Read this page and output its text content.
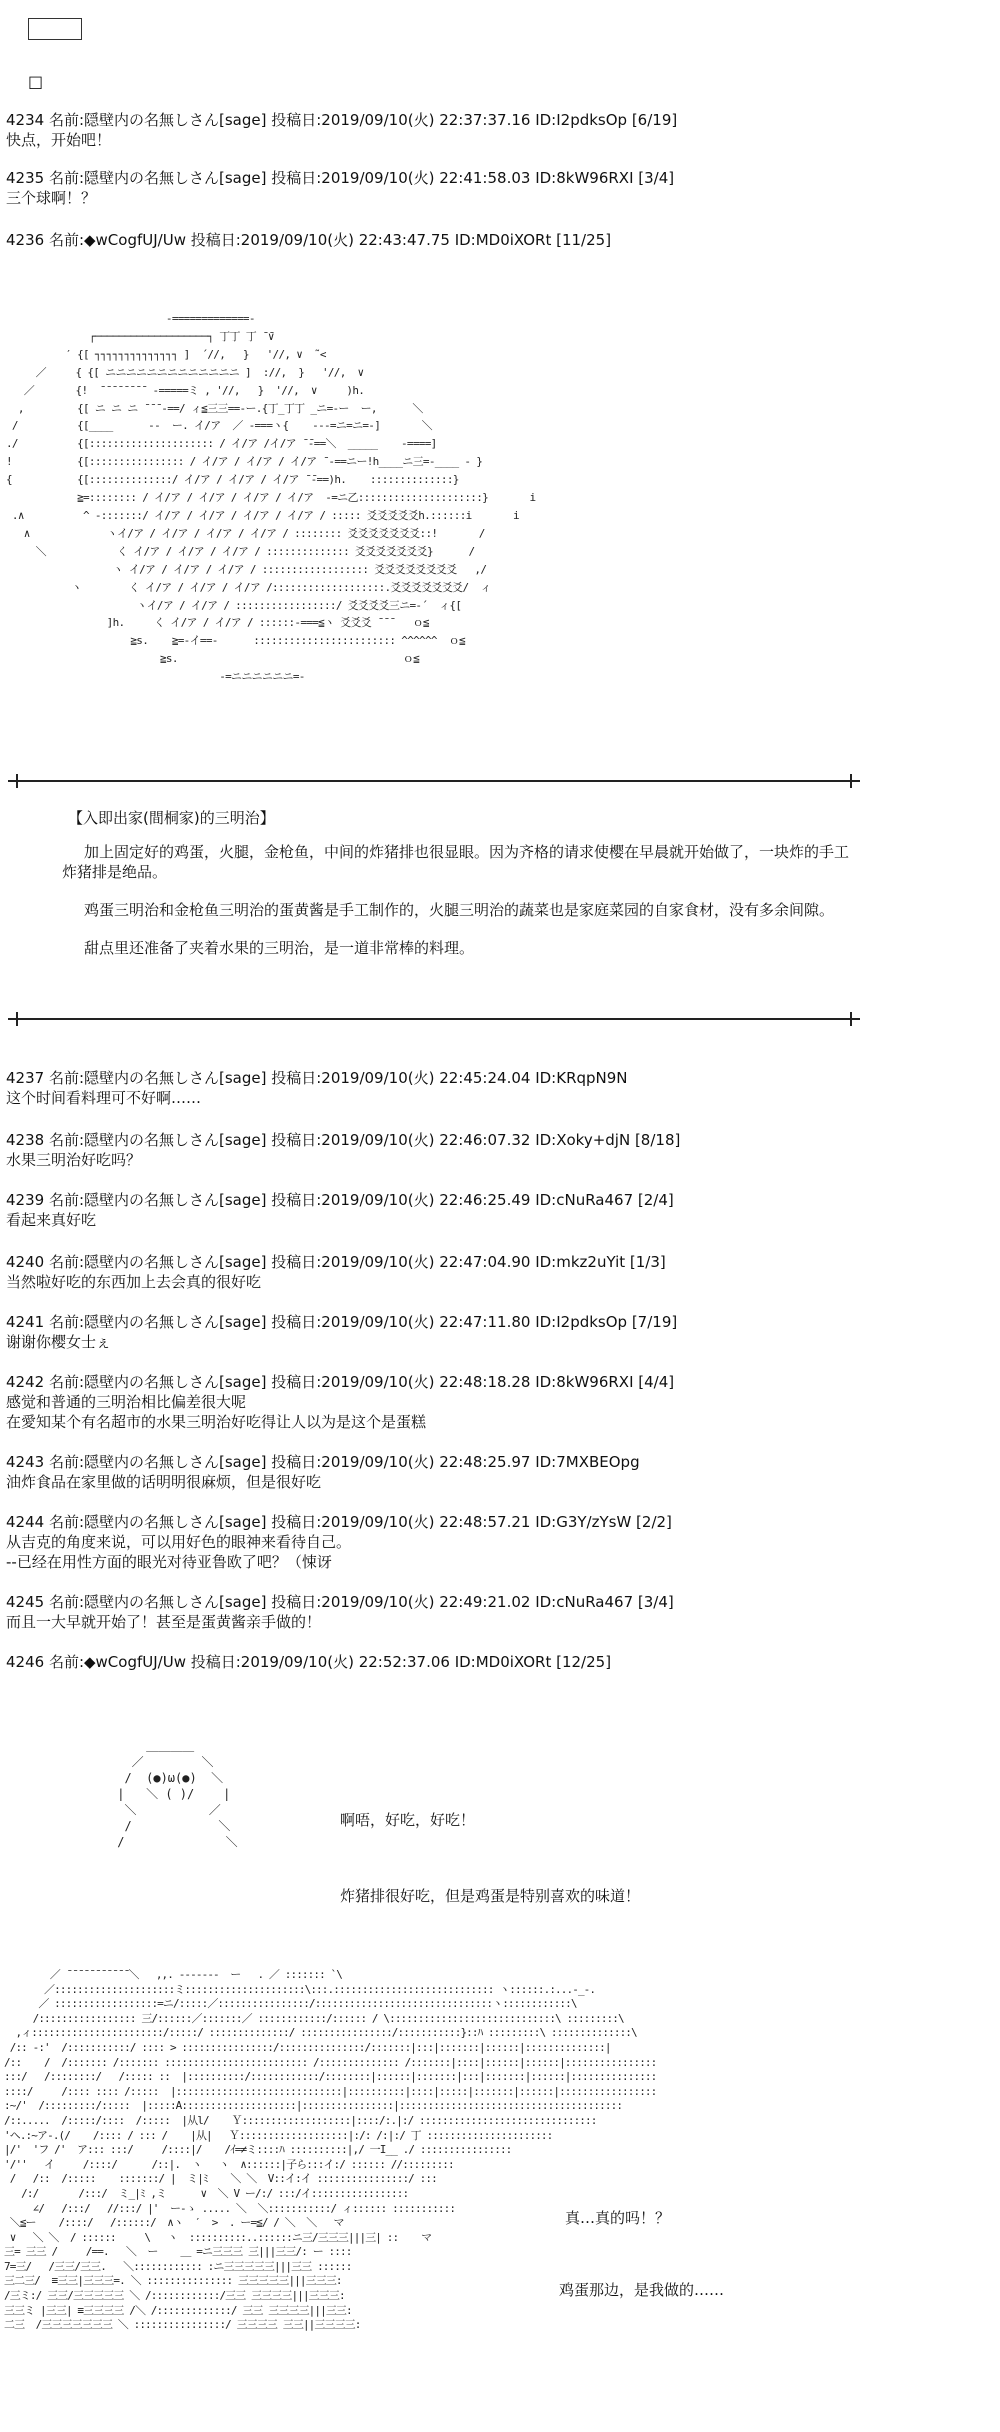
□
4234 名前:隠壁内の名無しさん[sage] 投稿日:2019/09/10(火) 22:37:37.16 ID:I2pdksOp [6/19]
快点，开始吧！
4235 名前:隠壁内の名無しさん[sage] 投稿日:2019/09/10(火) 22:41:58.03 ID:8kW96RXI [3/4]
三个球啊！？
4236 名前:◆wCogfUJ/Uw 投稿日:2019/09/10(火) 22:43:47.75 ID:MD0iXORt [11/25]
-=============-
┌───────────────────┐ 丁丁 丁 ̄ ̄∨
′ {[ ┐┐┐┐┐┐┐┐┐┐┐┐┐┐ ]  ´//,   }   '//, ∨  ˜<
／     { {[ ニニニニニニニニニニニニニ ]  ://,  }   '//,  ∨
／       {!  ̄ ̄ ̄ ̄ ̄ ̄ ̄ ̄  -=====ミ , '//,   }  '//,  ∨     )h.
,         {[ ニ ニ ニ ̄ ̄ ̄ -==/ ィ≦三三==-ー.{丁_丁丁 _ニ=-ー  ー,      ＼
/          {[____      --  ー. イ/ア  ／ -===ヽ{    ---=ニ=ニ=-]       ＼
./          {[::::::::::::::::::::: / イ/ア /イ/ア ̄ ̄-==＼  _____    -====]
!           {[:::::::::::::::: / イ/ア / イ/ア / イ/ア ̄ -==ニー!h____ニ三=-____ - }
{           {[::::::::::::::/ イ/ア / イ/ア / イ/ア ̄ ̄-==)h.    ::::::::::::::}
≧=:::::::: / イ/ア / イ/ア / イ/ア / イ/ア  -=ニ乙:::::::::::::::::::::}       i
.∧          ^ -:::::::/ イ/ア / イ/ア / イ/ア / イ/ア / ::::: 爻爻爻爻爻h.::::::i       i
∧             ヽイ/ア / イ/ア / イ/ア / イ/ア / :::::::: 爻爻爻爻爻爻爻::!       /
＼            く イ/ア / イ/ア / イ/ア / :::::::::::::: 爻爻爻爻爻爻爻}      /
ヽ イ/ア / イ/ア / イ/ア / :::::::::::::::::: 爻爻爻爻爻爻爻爻   ,/
ヽ        く イ/ア / イ/ア / イ/ア /:::::::::::::::::::.爻爻爻爻爻爻爻/  ィ
ヽイ/ア / イ/ア / :::::::::::::::::/ 爻爻爻爻三ニ=-´  ィ{[
]h.     く イ/ア / イ/ア / ::::::-===≦ヽ 爻爻爻 ̄ ̄ ̄    ｏ≦
≧s.    ≧=-イ==-      :::::::::::::::::::::::: ^^^^^^  ｏ≦
≧s.                                      ｏ≦
-=ニニニニニニ=-

【入即出家(間桐家)的三明治】

加上固定好的鸡蛋，火腿，金枪鱼，中间的炸猪排也很显眼。因为齐格的请求使樱在早晨就开始做了，一块炸的手工炸猪排是绝品。

鸡蛋三明治和金枪鱼三明治的蛋黄酱是手工制作的，火腿三明治的蔬菜也是家庭菜园的自家食材，没有多余间隙。

甜点里还准备了夹着水果的三明治，是一道非常棒的料理。

4237 名前:隠壁内の名無しさん[sage] 投稿日:2019/09/10(火) 22:45:24.04 ID:KRqpN9N
这个时间看料理可不好啊……
4238 名前:隠壁内の名無しさん[sage] 投稿日:2019/09/10(火) 22:46:07.32 ID:Xoky+djN [8/18]
水果三明治好吃吗？
4239 名前:隠壁内の名無しさん[sage] 投稿日:2019/09/10(火) 22:46:25.49 ID:cNuRa467 [2/4]
看起来真好吃
4240 名前:隠壁内の名無しさん[sage] 投稿日:2019/09/10(火) 22:47:04.90 ID:mkz2uYit [1/3]
当然啦好吃的东西加上去会真的很好吃
4241 名前:隠壁内の名無しさん[sage] 投稿日:2019/09/10(火) 22:47:11.80 ID:I2pdksOp [7/19]
谢谢你樱女士ぇ
4242 名前:隠壁内の名無しさん[sage] 投稿日:2019/09/10(火) 22:48:18.28 ID:8kW96RXI [4/4]
感觉和普通的三明治相比偏差很大呢
在愛知某个有名超市的水果三明治好吃得让人以为是这个是蛋糕
4243 名前:隠壁内の名無しさん[sage] 投稿日:2019/09/10(火) 22:48:25.97 ID:7MXBEOpg
油炸食品在家里做的话明明很麻烦，但是很好吃
4244 名前:隠壁内の名無しさん[sage] 投稿日:2019/09/10(火) 22:48:57.21 ID:G3Y/zYsW [2/2]
从吉克的角度来说，可以用好色的眼神来看待自己。
--已经在用性方面的眼光对待亚鲁欧了吧？（悚讶
4245 名前:隠壁内の名無しさん[sage] 投稿日:2019/09/10(火) 22:49:21.02 ID:cNuRa467 [3/4]
而且一大早就开始了！甚至是蛋黄酱亲手做的！
4246 名前:◆wCogfUJ/Uw 投稿日:2019/09/10(火) 22:52:37.06 ID:MD0iXORt [12/25]
＿＿＿＿
／        ＼
/  (●)ω(●)  ＼
|   ＼ ( )/    |
＼          ／
/            ＼
/              ＼

啊唔，好吃，好吃！

炸猪排很好吃，但是鸡蛋是特别喜欢的味道！

／ ̄ ̄ ̄ ̄ ̄ ̄ ̄ ̄ ̄ ̄ ̄ ＼   ,,. -------  ー   . ／ ::::::: `\
／:::::::::::::::::::::ミ:::::::::::::::::::::\:::.:::::::::::::::::::::::::::: ヽ::::::.:...-_-.
／ ::::::::::::::::::=ニ/:::::／::::::::::::::::/:::::::::::::::::::::::::::::::ヽ::::::::::::\
/::::::::::::::::: 三/::::::／:::::::／ ::::::::::::/:::::: / \:::::::::::::::::::::::::::::\ :::::::::\
,ィ:::::::::::::::::::::::/:::::/ ::::::::::::::/ ::::::::::::::::/:::::::::::}::ﾊ :::::::::\ ::::::::::::::\
/:: -:'  /:::::::::::/ :::: > ::::::::::::::::/:::::::::::::::/:::::::|:::|:::::::|::::::|::::::::::::::|
/::    /  /::::::: /::::::: ::::::::::::::::::::::::: /:::::::::::::: /:::::::|::::|::::::|::::::|::::::::::::::::
:::/   /::::::::/   /::::: ::  |::::::::::/::::::::::::/::::::::|::::::|:::::::|:::|:::::::|::::::|:::::::::::::::
::::/     /:::: :::: /:::::  |:::::::::::::::::::::::::::::|::::::::::|::::|:::::|:::::::|::::::|:::::::::::::::::
:~/'  /:::::::::/:::::  |:::::A::::::::::::::::::::|::::::::::::::::|:::::::::::::::::::::::::::::::::::::::
/::.....  /:::::/::::  /:::::  |从l/    Ｙ:::::::::::::::::::|::::/:.|:/ :::::::::::::::::::::::::::::::
'ヘ.:~ア-.(/    /:::: / ::: /    |从|   Ｙ:::::::::::::::::::|:/: /:|:/ 丁 ::::::::::::::::::::::
|/'  'フ /'  ア::: :::/     /::::|/    /ｲ=≠ミ::::ﾊ ::::::::::|,/ 一I__ ./ ::::::::::::::::
'/''   イ     /::::/      /::|.  ヽ   ヽ  ∧::::::|子ら:::イ:/ :::::: //:::::::::
/   /::  /:::::    :::::::/ |  ミ|ﾐ    ＼ ＼  V::イ:イ ::::::::::::::::/ :::
/:/       /:::/  ミ_|ﾐ ,ミ      ∨  ＼ V ー/:/ :::/イ:::::::::::::::::
∠/   /:::/   //:::/ |'  ー-ゝ ..... ＼  ＼:::::::::::/ ィ:::::: :::::::::::
＼≦ー    /::::/   /::::::/  ∧ヽ  ′  >  . ー=≦/ / ＼  ＼   マ
∨   ＼ ＼  / ::::::     \   ヽ  ::::::::::..::::::ニ三/三三三|||三| ::    マ
三= 三三 /     /==.   ＼  ー    ＿ =ニ三三三 三|||三三/: ー ::::
7=三/   /三三/三三.   ＼:::::::::::: :ニ三三三三三|||三三 ::::::
三二三/  ≡三三|三三三=. ＼ ::::::::::::::: 三三三三三|||三三三:
/三ミ:/ 三三/三三三三三 ＼ /::::::::::::/三三 三三三三|||三三三:
三三ミ |三三| ≡三三三三 /＼ /:::::::::::::/ 三三 三三三三|||三三:
二三  /三三三三三三三 ＼ ::::::::::::::::/ 三三三三 三三||三三三三:

真…真的吗！？

鸡蛋那边，是我做的……
